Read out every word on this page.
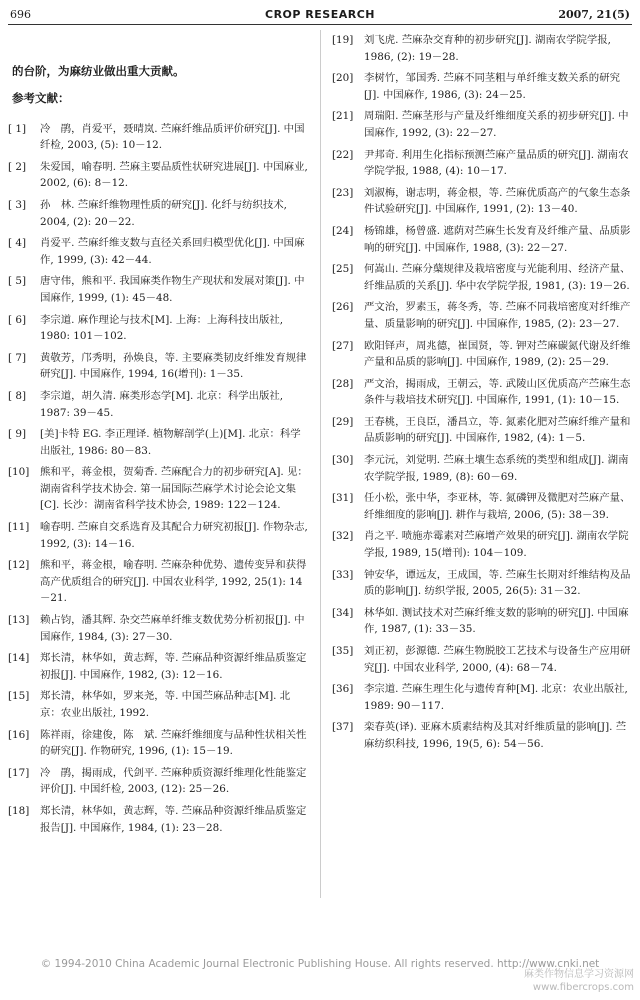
696	CROP RESEARCH	2007, 21(5)
的台阶，为麻纺业做出重大贡献。
参考文献：
[ 1]	冷　鹃，肖爱平，聂晴岚. 苎麻纤维品质评价研究[J]. 中国纤检, 2003, (5): 10－12.
[ 2]	朱爱国，喻春明. 苎麻主要品质性状研究进展[J]. 中国麻业, 2002, (6): 8－12.
[ 3]	孙　林. 苎麻纤维物理性质的研究[J]. 化纤与纺织技术, 2004, (2): 20－22.
[ 4]	肖爱平. 苎麻纤维支数与直径关系回归模型优化[J]. 中国麻作, 1999, (3): 42－44.
[ 5]	唐守伟，熊和平. 我国麻类作物生产现状和发展对策[J]. 中国麻作, 1999, (1): 45－48.
[ 6]	李宗道. 麻作理论与技术[M]. 上海：上海科技出版社, 1980: 101－102.
[ 7]	黄敬芳，邝秀明，孙焕良，等. 主要麻类韧皮纤维发育规律研究[J]. 中国麻作, 1994, 16(增刊): 1－35.
[ 8]	李宗道，胡久清. 麻类形态学[M]. 北京：科学出版社, 1987: 39－45.
[ 9]	[美]卡特 EG. 李正理译. 植物解剖学(上)[M]. 北京：科学出版社, 1986: 80－83.
[10]	熊和平，蒋金根，贺菊香. 苎麻配合力的初步研究[A]. 见：湖南省科学技术协会. 第一届国际苎麻学术讨论会论文集[C]. 长沙：湖南省科学技术协会, 1989: 122－124.
[11]	喻春明. 苎麻自交系选育及其配合力研究初报[J]. 作物杂志, 1992, (3): 14－16.
[12]	熊和平，蒋金根，喻春明. 苎麻杂种优势、遗传变异和获得高产优质组合的研究[J]. 中国农业科学, 1992, 25(1): 14－21.
[13]	赖占钧，潘其辉. 杂交苎麻单纤维支数优势分析初报[J]. 中国麻作, 1984, (3): 27－30.
[14]	郑长清，林华如，黄志辉，等. 苎麻品种资源纤维品质鉴定初报[J]. 中国麻作, 1982, (3): 12－16.
[15]	郑长清，林华如，罗来尧，等. 中国苎麻品种志[M]. 北京：农业出版社, 1992.
[16]	陈祥雨，徐建俊，陈　斌. 苎麻纤维细度与品种性状相关性的研究[J]. 作物研究, 1996, (1): 15－19.
[17]	冷　鹃，揭雨成，代剑平. 苎麻种质资源纤维理化性能鉴定评价[J]. 中国纤检, 2003, (12): 25－26.
[18]	郑长清，林华如，黄志辉，等. 苎麻品种资源纤维品质鉴定报告[J]. 中国麻作, 1984, (1): 23－28.
[19]	刘飞虎. 苎麻杂交育种的初步研究[J]. 湖南农学院学报, 1986, (2): 19－28.
[20]	李树竹，邹国秀. 苎麻不同茎粗与单纤维支数关系的研究[J]. 中国麻作, 1986, (3): 24－25.
[21]	周瑞阳. 苎麻茎形与产量及纤维细度关系的初步研究[J]. 中国麻作, 1992, (3): 22－27.
[22]	尹邦奇. 利用生化指标预测苎麻产量品质的研究[J]. 湖南农学院学报, 1988, (4): 10－17.
[23]	刘淑梅，谢志明，蒋金根，等. 苎麻优质高产的气象生态条件试验研究[J]. 中国麻作, 1991, (2): 13－40.
[24]	杨锦雄，杨曾盛. 遮荫对苎麻生长发育及纤维产量、品质影响的研究[J]. 中国麻作, 1988, (3): 22－27.
[25]	何嵩山. 苎麻分蘖规律及栽培密度与光能利用、经济产量、纤维品质的关系[J]. 华中农学院学报, 1981, (3): 19－26.
[26]	严文治，罗素玉，蒋冬秀，等. 苎麻不同栽培密度对纤维产量、质量影响的研究[J]. 中国麻作, 1985, (2): 23－27.
[27]	欧阳铎声，周兆德，崔国贤，等. 钾对苎麻碳氮代谢及纤维产量和品质的影响[J]. 中国麻作, 1989, (2): 25－29.
[28]	严文治，揭雨成，王朝云，等. 武陵山区优质高产苎麻生态条件与栽培技术研究[J]. 中国麻作, 1991, (1): 10－15.
[29]	王春桃，王良臣，潘昌立，等. 氮素化肥对苎麻纤维产量和品质影响的研究[J]. 中国麻作, 1982, (4): 1－5.
[30]	李元沅，刘觉明. 苎麻土壤生态系统的类型和组成[J]. 湖南农学院学报, 1989, (8): 60－69.
[31]	任小松，张中华，李亚林，等. 氮磷钾及微肥对苎麻产量、纤维细度的影响[J]. 耕作与栽培, 2006, (5): 38－39.
[32]	肖之平. 喷施赤霉素对苎麻增产效果的研究[J]. 湖南农学院学报, 1989, 15(增刊): 104－109.
[33]	钟安华，谭远友，王成国，等. 苎麻生长期对纤维结构及品质的影响[J]. 纺织学报, 2005, 26(5): 31－32.
[34]	林华如. 测试技术对苎麻纤维支数的影响的研究[J]. 中国麻作, 1987, (1): 33－35.
[35]	刘正初，彭源德. 苎麻生物脱胶工艺技术与设备生产应用研究[J]. 中国农业科学, 2000, (4): 68－74.
[36]	李宗道. 苎麻生理生化与遗传育种[M]. 北京：农业出版社, 1989: 90－117.
[37]	栾春英(译). 亚麻木质素结构及其对纤维质量的影响[J]. 苎麻纺织科技, 1996, 19(5, 6): 54－56.
© 1994-2010 China Academic Journal Electronic Publishing House. All rights reserved. http://www.cnki.net
麻类作物信息学习资源网
www.fibercrops.com
